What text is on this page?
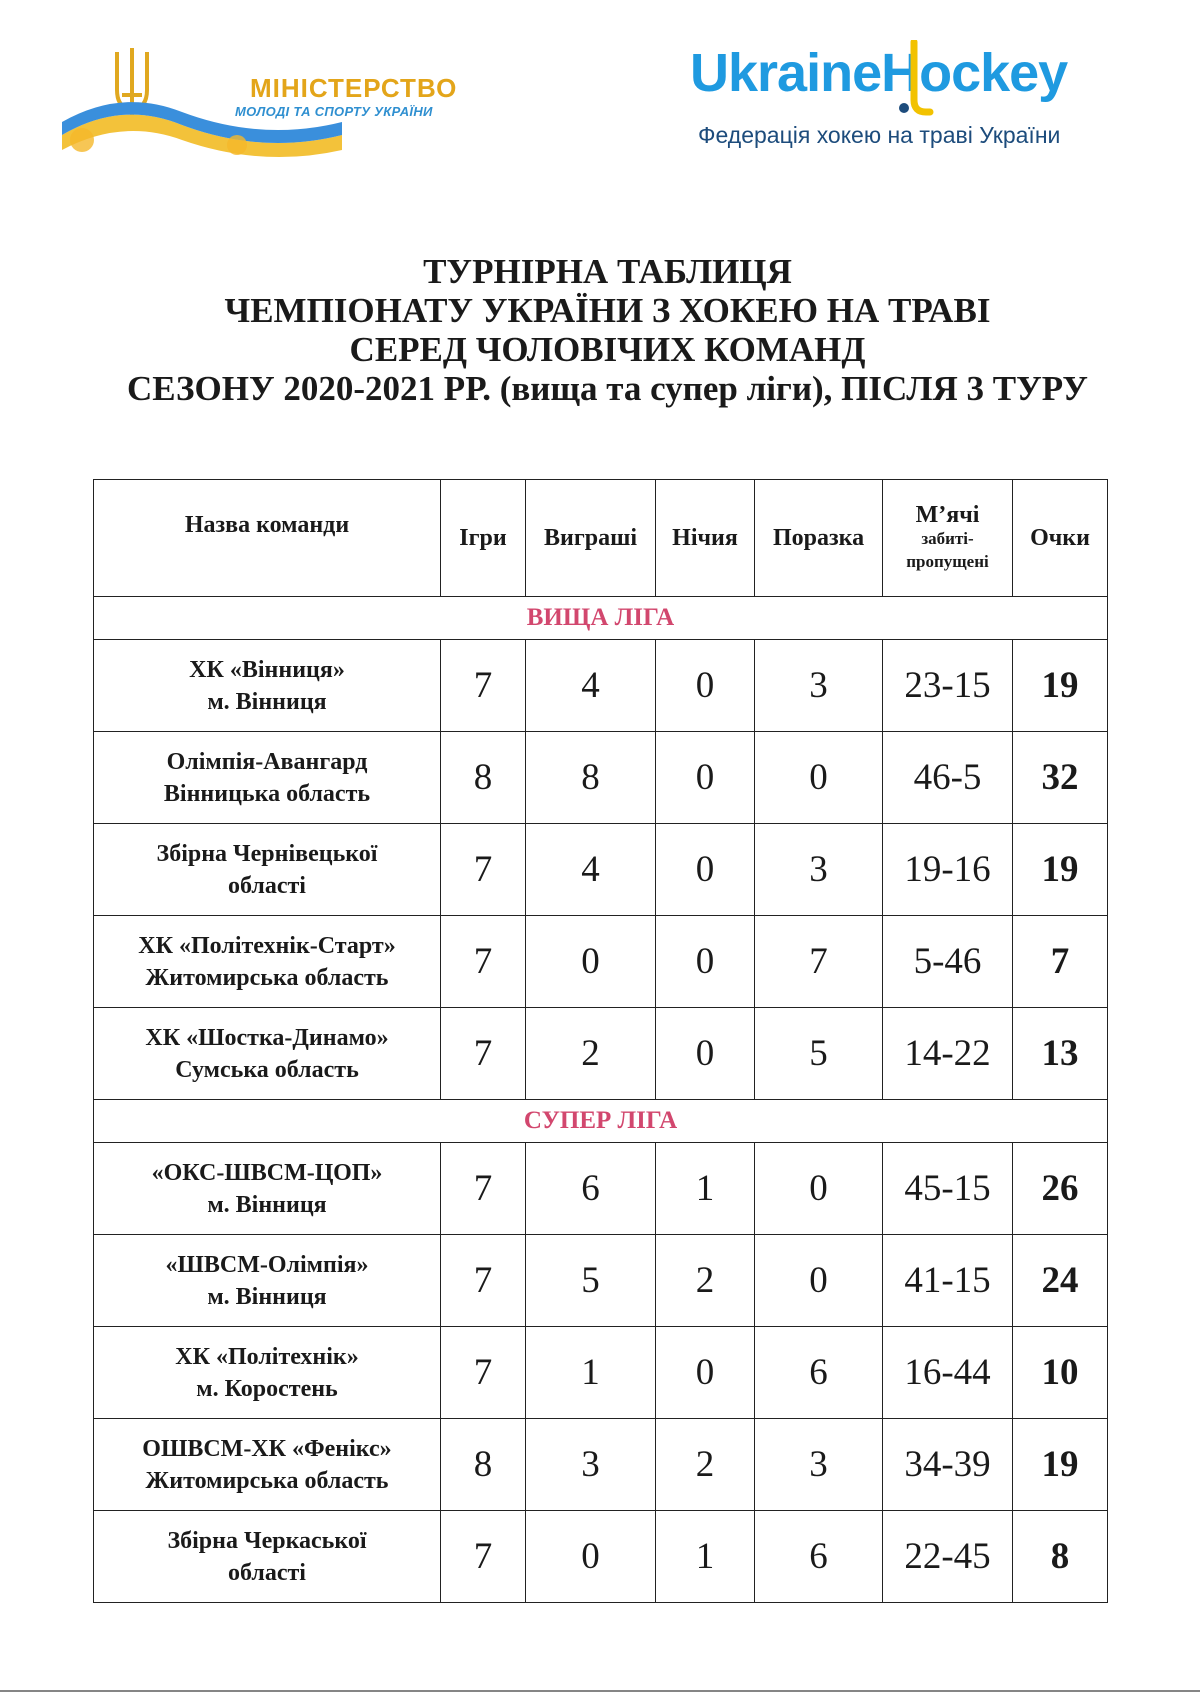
МІНІСТЕРСТВО
МОЛОДІ ТА СПОРТУ УКРАЇНИ
UkraineHockey
Федерація хокею на траві України
ТУРНІРНА ТАБЛИЦЯ
ЧЕМПІОНАТУ УКРАЇНИ З ХОКЕЮ НА ТРАВІ
СЕРЕД ЧОЛОВІЧИХ КОМАНД
СЕЗОНУ 2020-2021 РР. (вища та супер ліги), ПІСЛЯ 3 ТУРУ
Назва команди	Ігри	Виграші	Нічия	Поразка	М’ячі
забиті-
пропущені	Очки
ВИЩА ЛІГА						

ХК «Вінниця»
м. Вінниця	7	4	0	3	23-15	19

Олімпія-Авангард
Вінницька область	8	8	0	0	46-5	32

Збірна Чернівецької
області	7	4	0	3	19-16	19

ХК «Політехнік-Старт»
Житомирська область	7	0	0	7	5-46	7

ХК «Шостка-Динамо»
Сумська область	7	2	0	5	14-22	13
СУПЕР ЛІГА						

«ОКС-ШВСМ-ЦОП»
м. Вінниця	7	6	1	0	45-15	26

«ШВСМ-Олімпія»
м. Вінниця	7	5	2	0	41-15	24

ХК «Політехнік»
м. Коростень	7	1	0	6	16-44	10

ОШВСМ-ХК «Фенікс»
Житомирська область	8	3	2	3	34-39	19

Збірна Черкаської
області	7	0	1	6	22-45	8
